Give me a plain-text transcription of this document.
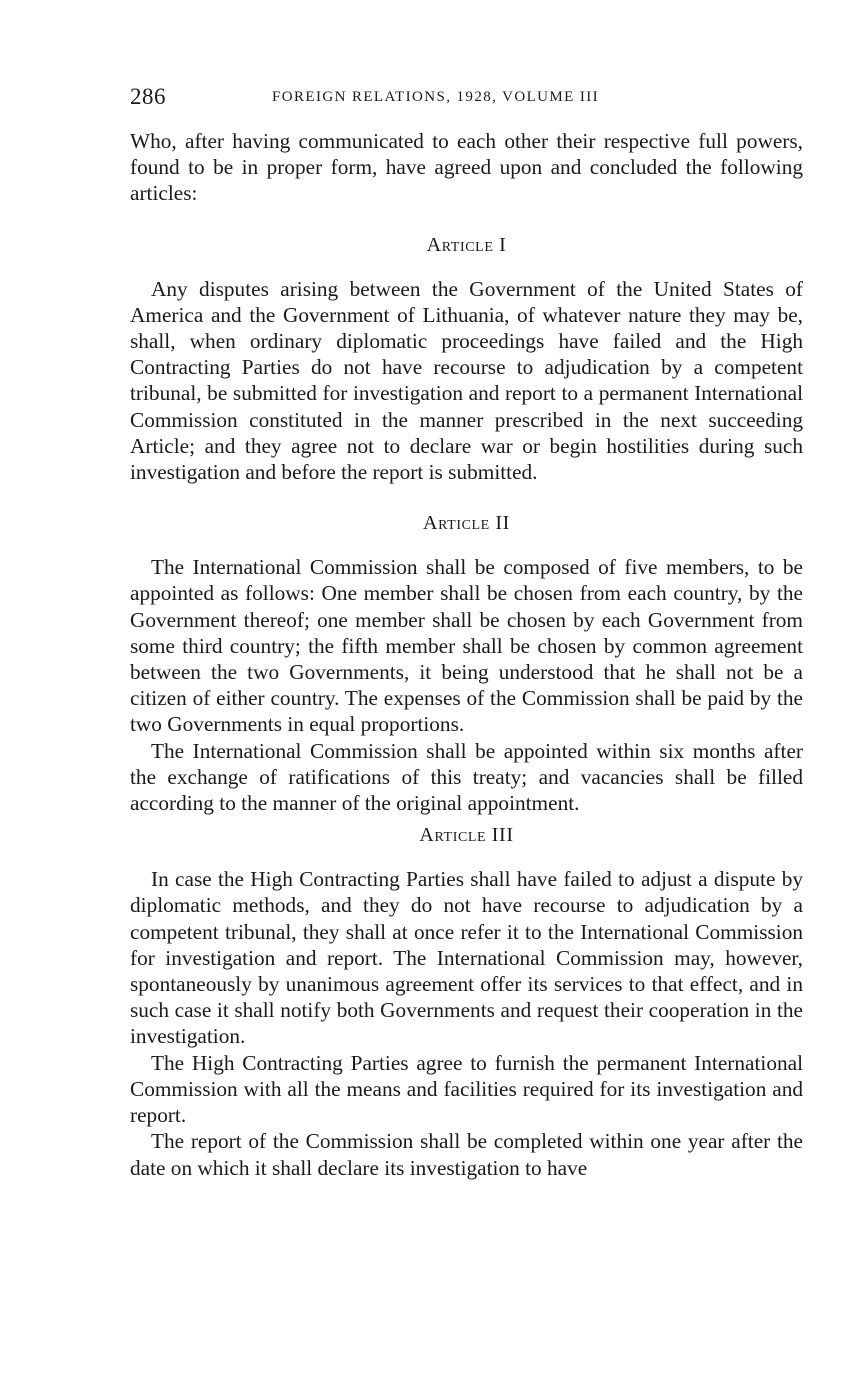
286	FOREIGN RELATIONS, 1928, VOLUME III

Who, after having communicated to each other their respective full powers, found to be in proper form, have agreed upon and concluded the following articles:

Article I

Any disputes arising between the Government of the United States of America and the Government of Lithuania, of whatever nature they may be, shall, when ordinary diplomatic proceedings have failed and the High Contracting Parties do not have recourse to adjudication by a competent tribunal, be submitted for investigation and report to a permanent International Commission constituted in the manner prescribed in the next succeeding Article; and they agree not to declare war or begin hostilities during such investigation and before the report is submitted.

Article II

The International Commission shall be composed of five members, to be appointed as follows: One member shall be chosen from each country, by the Government thereof; one member shall be chosen by each Government from some third country; the fifth member shall be chosen by common agreement between the two Governments, it being understood that he shall not be a citizen of either country. The expenses of the Commission shall be paid by the two Governments in equal proportions.

The International Commission shall be appointed within six months after the exchange of ratifications of this treaty; and vacancies shall be filled according to the manner of the original appointment.

Article III

In case the High Contracting Parties shall have failed to adjust a dispute by diplomatic methods, and they do not have recourse to adjudication by a competent tribunal, they shall at once refer it to the International Commission for investigation and report. The International Commission may, however, spontaneously by unanimous agreement offer its services to that effect, and in such case it shall notify both Governments and request their cooperation in the investigation.

The High Contracting Parties agree to furnish the permanent International Commission with all the means and facilities required for its investigation and report.

The report of the Commission shall be completed within one year after the date on which it shall declare its investigation to have
